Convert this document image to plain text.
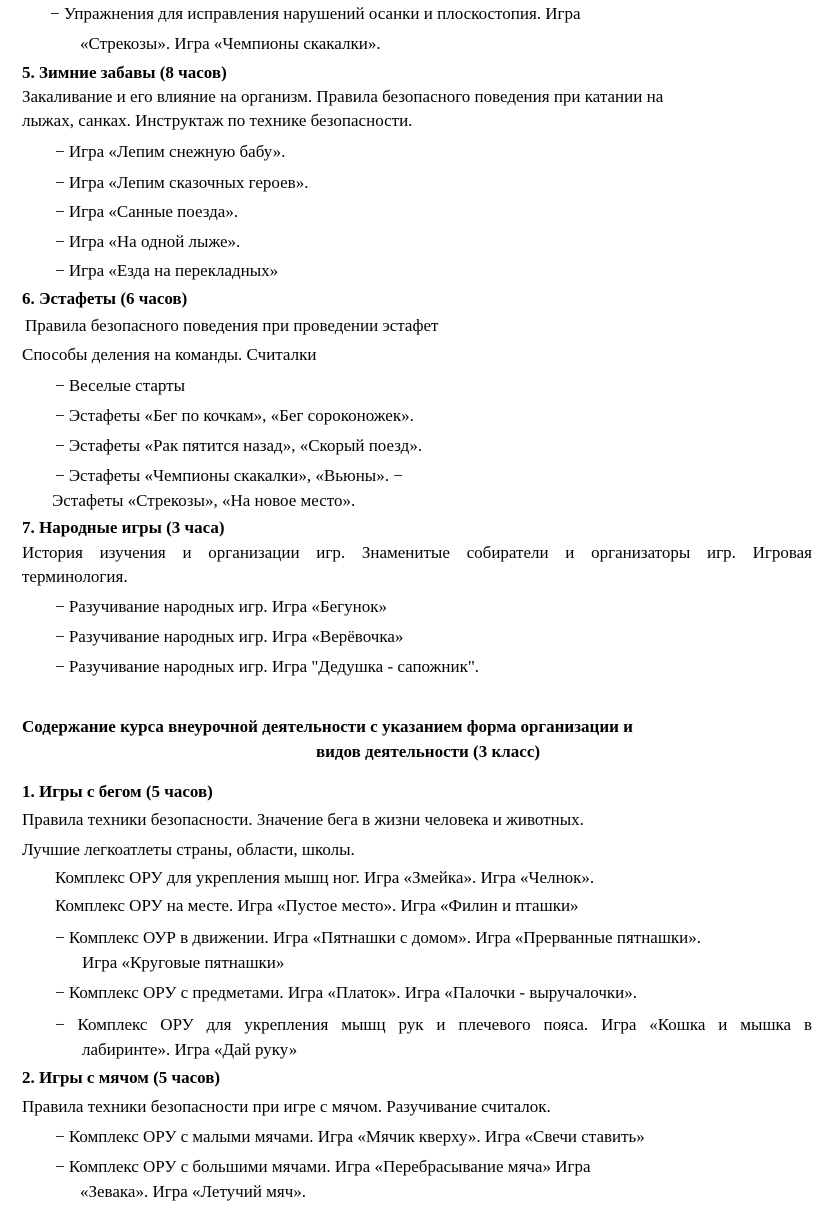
− Упражнения для исправления нарушений осанки и плоскостопия. Игра
«Стрекозы». Игра «Чемпионы скакалки».
5. Зимние забавы (8 часов)
Закаливание и его влияние на организм. Правила безопасного поведения при катании на
лыжах, санках. Инструктаж по технике безопасности.
− Игра «Лепим снежную бабу».
− Игра «Лепим сказочных героев».
− Игра «Санные поезда».
− Игра «На одной лыже».
− Игра «Езда на перекладных»
6. Эстафеты (6 часов)
Правила безопасного поведения при проведении эстафет
Способы деления на команды. Считалки
− Веселые старты
− Эстафеты «Бег по кочкам», «Бег сороконожек».
− Эстафеты «Рак пятится назад», «Скорый поезд».
− Эстафеты «Чемпионы скакалки», «Вьюны». −
Эстафеты «Стрекозы», «На новое место».
7. Народные игры (3 часа)
История изучения и организации игр. Знаменитые собиратели и организаторы игр. Игровая
терминология.
− Разучивание народных игр. Игра «Бегунок»
− Разучивание народных игр. Игра «Верёвочка»
− Разучивание народных игр. Игра "Дедушка - сапожник".
Содержание курса внеурочной деятельности с указанием форма организации и
видов деятельности (3 класс)
1. Игры с бегом (5 часов)
Правила техники безопасности. Значение бега в жизни человека и животных.
Лучшие легкоатлеты страны, области, школы.
Комплекс ОРУ для укрепления мышц ног. Игра «Змейка». Игра «Челнок».
Комплекс ОРУ на месте. Игра «Пустое место». Игра «Филин и пташки»
− Комплекс ОУР в движении. Игра «Пятнашки с домом». Игра «Прерванные пятнашки».
Игра «Круговые пятнашки»
− Комплекс ОРУ с предметами. Игра «Платок». Игра «Палочки - выручалочки».
− Комплекс ОРУ для укрепления мышц рук и плечевого пояса. Игра «Кошка и мышка в
лабиринте». Игра «Дай руку»
2. Игры с мячом (5 часов)
Правила техники безопасности при игре с мячом. Разучивание считалок.
− Комплекс ОРУ с малыми мячами. Игра «Мячик кверху». Игра «Свечи ставить»
− Комплекс ОРУ с большими мячами. Игра «Перебрасывание мяча» Игра
«Зевака». Игра «Летучий мяч».
